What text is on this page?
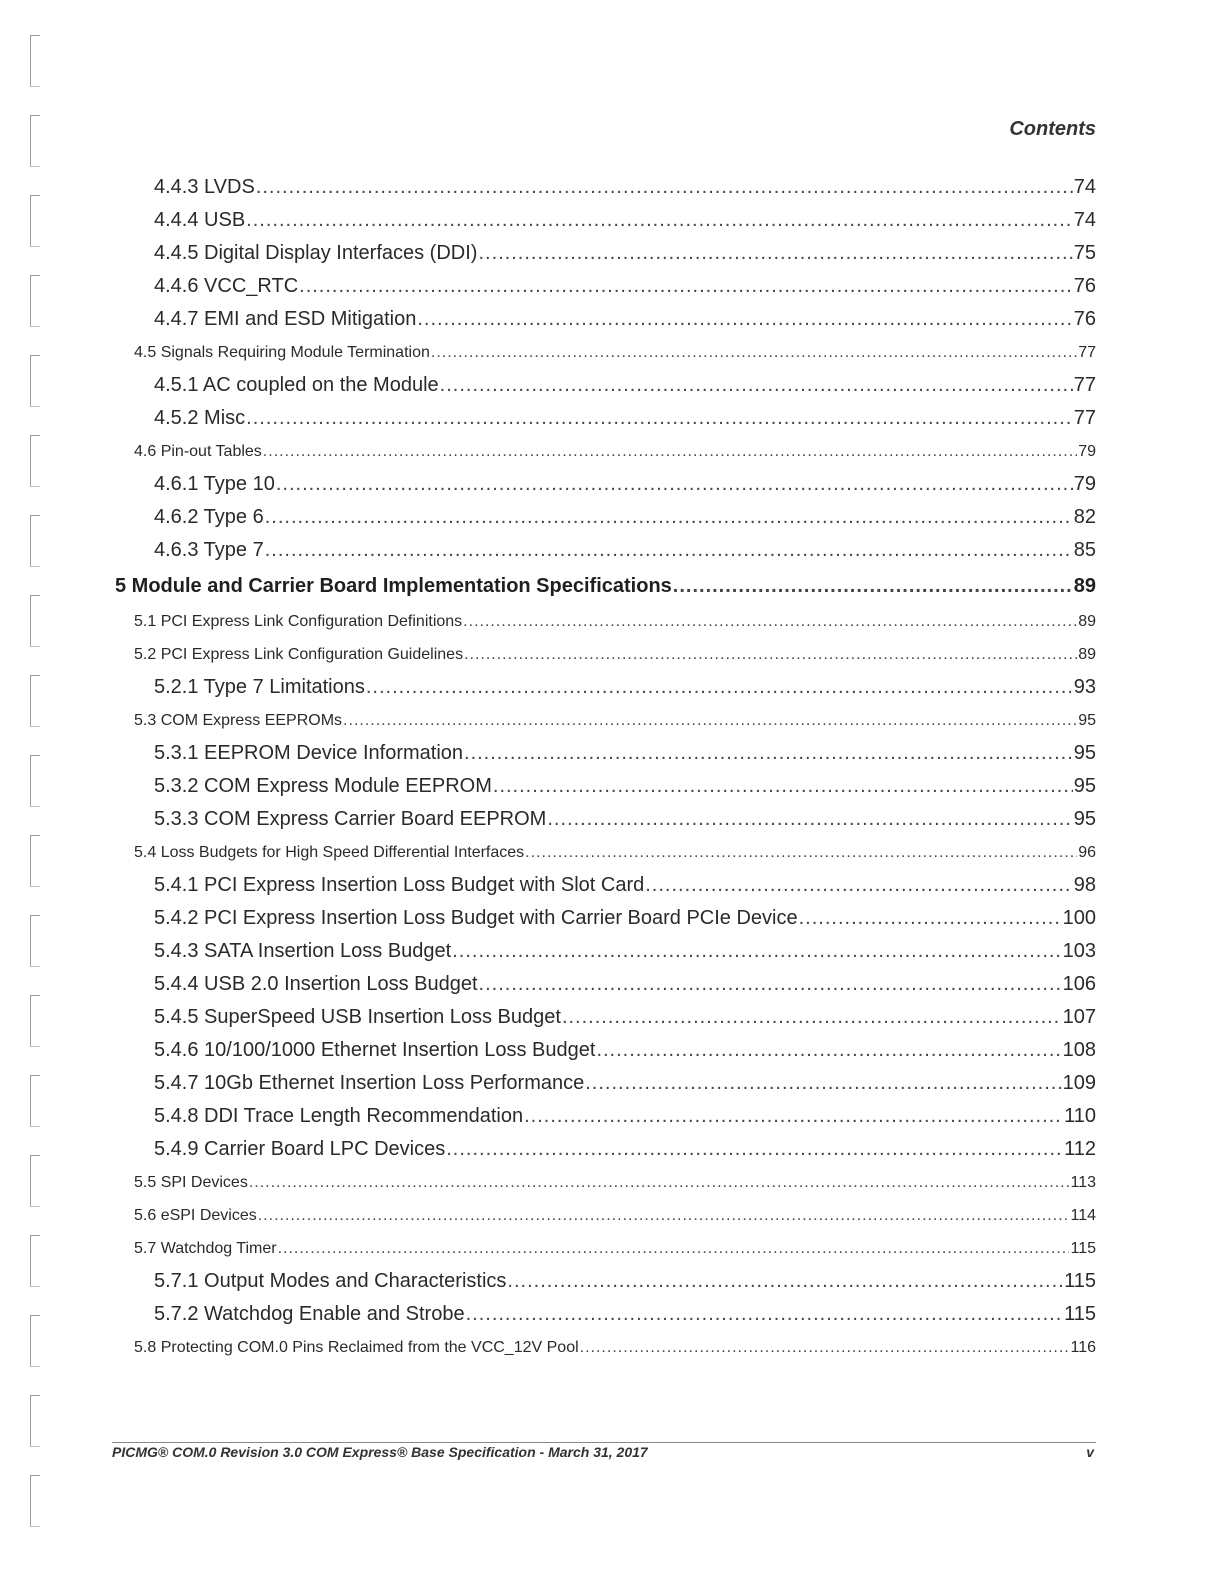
Contents
4.4.3 LVDS .....	74
4.4.4 USB .....	74
4.4.5 Digital Display Interfaces (DDI) .....	75
4.4.6 VCC_RTC .....	76
4.4.7 EMI and ESD Mitigation .....	76
4.5 Signals Requiring Module Termination .....	77
4.5.1 AC coupled on the Module .....	77
4.5.2 Misc .....	77
4.6 Pin-out Tables .....	79
4.6.1 Type 10 .....	79
4.6.2 Type 6 .....	82
4.6.3 Type 7 .....	85
5 Module and Carrier Board Implementation Specifications .....	89
5.1 PCI Express Link Configuration Definitions .....	89
5.2 PCI Express Link Configuration Guidelines .....	89
5.2.1 Type 7 Limitations .....	93
5.3 COM Express EEPROMs .....	95
5.3.1 EEPROM Device Information .....	95
5.3.2 COM Express Module EEPROM .....	95
5.3.3 COM Express Carrier Board EEPROM .....	95
5.4 Loss Budgets for High Speed Differential Interfaces .....	96
5.4.1 PCI Express Insertion Loss Budget with Slot Card .....	98
5.4.2 PCI Express Insertion Loss Budget with Carrier Board PCIe Device .....	100
5.4.3 SATA Insertion Loss Budget .....	103
5.4.4 USB 2.0 Insertion Loss Budget .....	106
5.4.5 SuperSpeed USB Insertion Loss Budget .....	107
5.4.6 10/100/1000 Ethernet Insertion Loss Budget .....	108
5.4.7 10Gb Ethernet Insertion Loss Performance .....	109
5.4.8 DDI Trace Length Recommendation .....	110
5.4.9 Carrier Board LPC Devices .....	112
5.5 SPI Devices .....	113
5.6 eSPI Devices .....	114
5.7 Watchdog Timer .....	115
5.7.1 Output Modes and Characteristics .....	115
5.7.2 Watchdog Enable and Strobe .....	115
5.8 Protecting COM.0 Pins Reclaimed from the VCC_12V Pool .....	116
PICMG® COM.0 Revision 3.0 COM Express® Base Specification - March 31, 2017	v
